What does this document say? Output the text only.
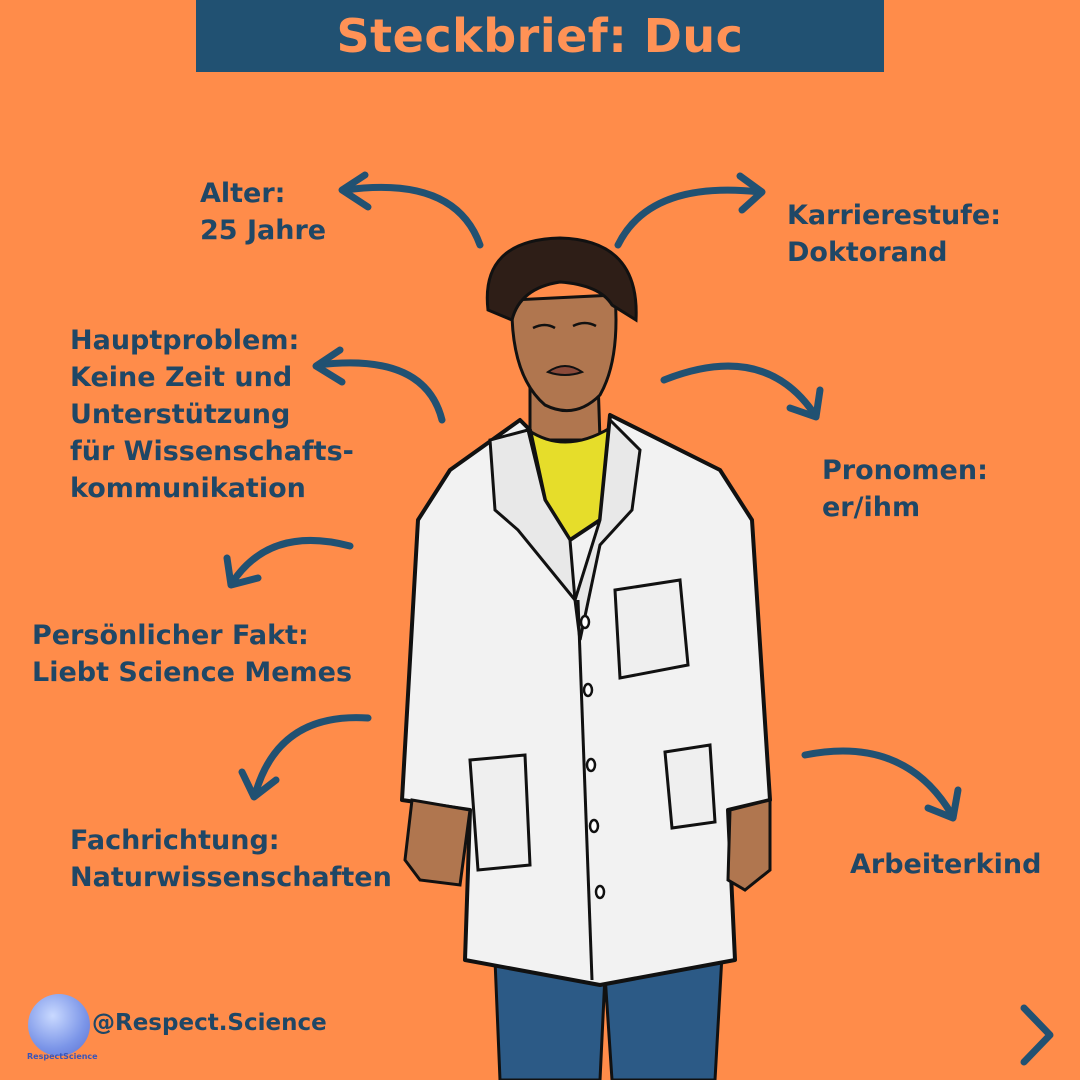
Steckbrief: Duc
Alter:
25 Jahre	Karrierestufe:
Doktorand
Hauptproblem:
Keine Zeit und
Unterstützung
für Wissenschafts-
kommunikation
Pronomen:
er/ihm
Persönlicher Fakt:
Liebt Science Memes
Fachrichtung:
Naturwissenschaften	Arbeiterkind
RespectScience
@Respect.Science
